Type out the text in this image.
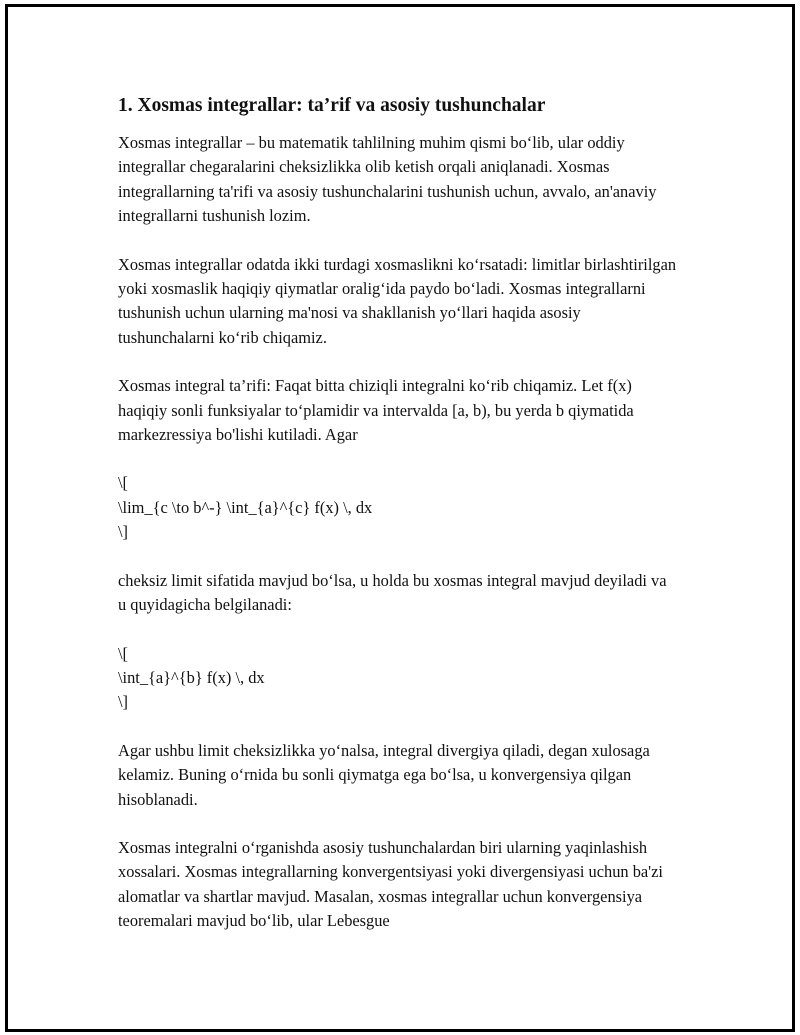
1. Xosmas integrallar: ta’rif va asosiy tushunchalar

Xosmas integrallar – bu matematik tahlilning muhim qismi bo‘lib, ular oddiy integrallar chegaralarini cheksizlikka olib ketish orqali aniqlanadi. Xosmas integrallarning ta'rifi va asosiy tushunchalarini tushunish uchun, avvalo, an'anaviy integrallarni tushunish lozim.

Xosmas integrallar odatda ikki turdagi xosmaslikni ko‘rsatadi: limitlar birlashtirilgan yoki xosmaslik haqiqiy qiymatlar oralig‘ida paydo bo‘ladi. Xosmas integrallarni tushunish uchun ularning ma'nosi va shakllanish yo‘llari haqida asosiy tushunchalarni ko‘rib chiqamiz.

Xosmas integral ta’rifi: Faqat bitta chiziqli integralni ko‘rib chiqamiz. Let f(x) haqiqiy sonli funksiyalar to‘plamidir va intervalda [a, b), bu yerda b qiymatida markezressiya bo'lishi kutiladi. Agar

\[
\lim_{c \to b^-} \int_{a}^{c} f(x) \, dx
\]

cheksiz limit sifatida mavjud bo‘lsa, u holda bu xosmas integral mavjud deyiladi va u quyidagicha belgilanadi:

\[
\int_{a}^{b} f(x) \, dx
\]

Agar ushbu limit cheksizlikka yo‘nalsa, integral divergiya qiladi, degan xulosaga kelamiz. Buning o‘rnida bu sonli qiymatga ega bo‘lsa, u konvergensiya qilgan hisoblanadi.

Xosmas integralni o‘rganishda asosiy tushunchalardan biri ularning yaqinlashish xossalari. Xosmas integrallarning konvergentsiyasi yoki divergensiyasi uchun ba'zi alomatlar va shartlar mavjud. Masalan, xosmas integrallar uchun konvergensiya teoremalari mavjud bo‘lib, ular Lebesgue
